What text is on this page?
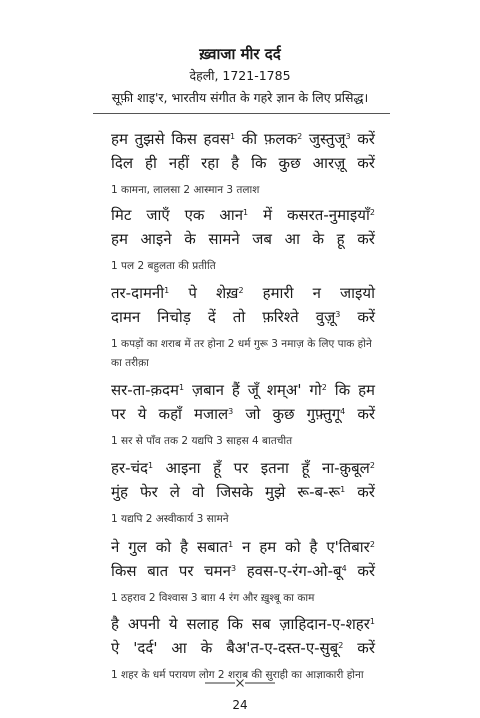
ख़्वाजा मीर दर्द
देहली, 1721-1785
सूफ़ी शाइ'र, भारतीय संगीत के गहरे ज्ञान के लिए प्रसिद्ध।
हम तुझसे किस हवस$^1$ की फ़लक$^2$ जुस्तुजू$^3$ करें
दिल ही नहीं रहा है कि कुछ आरज़ू करें
1 कामना, लालसा 2 आस्मान 3 तलाश
मिट जाएँ एक आन$^1$ में कसरत-नुमाइयाँ$^2$
हम आइने के सामने जब आ के हू करें
1 पल 2 बहुलता की प्रतीति
तर-दामनी$^1$ पे शेख़$^2$ हमारी न जाइयो
दामन निचोड़ दें तो फ़रिश्ते वुज़ू$^3$ करें
1 कपड़ों का शराब में तर होना 2 धर्म गुरू 3 नमाज़ के लिए पाक होने का तरीक़ा
सर-ता-क़दम$^1$ ज़बान हैं जूँ शम्अ' गो$^2$ कि हम
पर ये कहाँ मजाल$^3$ जो कुछ गुफ़्तुगू$^4$ करें
1 सर से पाँव तक 2 यद्यपि 3 साहस 4 बातचीत
हर-चंद$^1$ आइना हूँ पर इतना हूँ ना-क़ुबूल$^2$
मुंह फेर ले वो जिसके मुझे रू-ब-रू$^1$ करें
1 यद्यपि 2 अस्वीकार्य 3 सामने
ने गुल को है सबात$^1$ न हम को है ए'तिबार$^2$
किस बात पर चमन$^3$ हवस-ए-रंग-ओ-बू$^4$ करें
1 ठहराव 2 विश्वास 3 बाग़ 4 रंग और ख़ुश्बू का काम
है अपनी ये सलाह कि सब ज़ाहिदान-ए-शहर$^1$
ऐ 'दर्द' आ के बैअ'त-ए-दस्त-ए-सुबू$^2$ करें
1 शहर के धर्म परायण लोग 2 शराब की सुराही का आज्ञाकारी होना
24
